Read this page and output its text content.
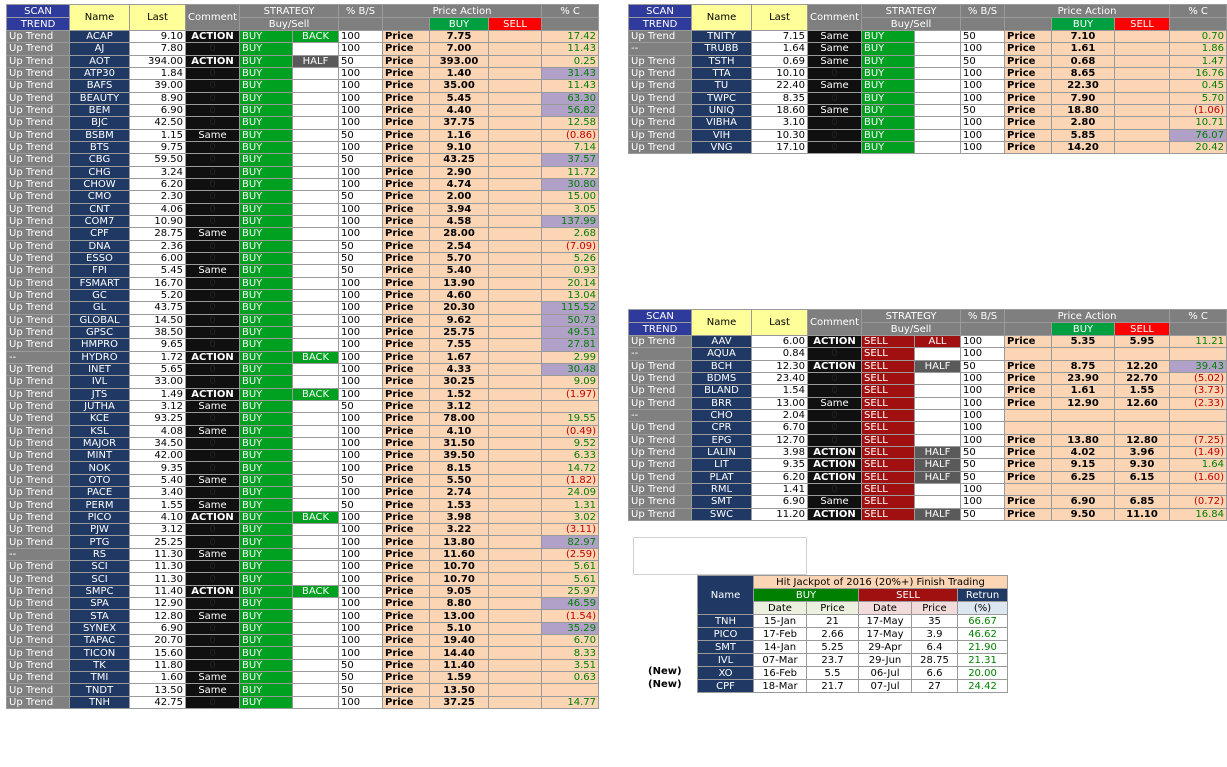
SCAN	Name	Last	Comment	STRATEGY		% B/S	Price Action			% C
TREND				Buy/Sell				BUY	SELL	
Up Trend	ACAP	9.10	ACTION	BUY	BACK	100	Price	7.75		17.42
Up Trend	AJ	7.80	0	BUY		100	Price	7.00		11.43
Up Trend	AOT	394.00	ACTION	BUY	HALF	50	Price	393.00		0.25
Up Trend	ATP30	1.84	0	BUY		100	Price	1.40		31.43
Up Trend	BAFS	39.00	0	BUY		100	Price	35.00		11.43
Up Trend	BEAUTY	8.90	0	BUY		100	Price	5.45		63.30
Up Trend	BEM	6.90	0	BUY		100	Price	4.40		56.82
Up Trend	BJC	42.50	0	BUY		100	Price	37.75		12.58
Up Trend	BSBM	1.15	Same	BUY		50	Price	1.16		(0.86)
Up Trend	BTS	9.75	0	BUY		100	Price	9.10		7.14
Up Trend	CBG	59.50	0	BUY		50	Price	43.25		37.57
Up Trend	CHG	3.24	0	BUY		100	Price	2.90		11.72
Up Trend	CHOW	6.20	0	BUY		100	Price	4.74		30.80
Up Trend	CMO	2.30	0	BUY		50	Price	2.00		15.00
Up Trend	CNT	4.06	0	BUY		100	Price	3.94		3.05
Up Trend	COM7	10.90	0	BUY		100	Price	4.58		137.99
Up Trend	CPF	28.75	Same	BUY		100	Price	28.00		2.68
Up Trend	DNA	2.36	0	BUY		50	Price	2.54		(7.09)
Up Trend	ESSO	6.00	0	BUY		50	Price	5.70		5.26
Up Trend	FPI	5.45	Same	BUY		50	Price	5.40		0.93
Up Trend	FSMART	16.70	0	BUY		100	Price	13.90		20.14
Up Trend	GC	5.20	0	BUY		100	Price	4.60		13.04
Up Trend	GL	43.75	0	BUY		100	Price	20.30		115.52
Up Trend	GLOBAL	14.50	0	BUY		100	Price	9.62		50.73
Up Trend	GPSC	38.50	0	BUY		100	Price	25.75		49.51
Up Trend	HMPRO	9.65	0	BUY		100	Price	7.55		27.81
--	HYDRO	1.72	ACTION	BUY	BACK	100	Price	1.67		2.99
Up Trend	INET	5.65	0	BUY		100	Price	4.33		30.48
Up Trend	IVL	33.00	0	BUY		100	Price	30.25		9.09
Up Trend	JTS	1.49	ACTION	BUY	BACK	100	Price	1.52		(1.97)
Up Trend	JUTHA	3.12	Same	BUY		50	Price	3.12		
Up Trend	KCE	93.25	0	BUY		100	Price	78.00		19.55
Up Trend	KSL	4.08	Same	BUY		100	Price	4.10		(0.49)
Up Trend	MAJOR	34.50	0	BUY		100	Price	31.50		9.52
Up Trend	MINT	42.00	0	BUY		100	Price	39.50		6.33
Up Trend	NOK	9.35	0	BUY		100	Price	8.15		14.72
Up Trend	OTO	5.40	Same	BUY		50	Price	5.50		(1.82)
Up Trend	PACE	3.40	0	BUY		100	Price	2.74		24.09
Up Trend	PERM	1.55	Same	BUY		50	Price	1.53		1.31
Up Trend	PICO	4.10	ACTION	BUY	BACK	100	Price	3.98		3.02
Up Trend	PJW	3.12	0	BUY		100	Price	3.22		(3.11)
Up Trend	PTG	25.25	0	BUY		100	Price	13.80		82.97
--	RS	11.30	Same	BUY		100	Price	11.60		(2.59)
Up Trend	SCI	11.30	0	BUY		100	Price	10.70		5.61
Up Trend	SCI	11.30	0	BUY		100	Price	10.70		5.61
Up Trend	SMPC	11.40	ACTION	BUY	BACK	100	Price	9.05		25.97
Up Trend	SPA	12.90	0	BUY		100	Price	8.80		46.59
Up Trend	STA	12.80	Same	BUY		100	Price	13.00		(1.54)
Up Trend	SYNEX	6.90	0	BUY		100	Price	5.10		35.29
Up Trend	TAPAC	20.70	0	BUY		100	Price	19.40		6.70
Up Trend	TICON	15.60	0	BUY		100	Price	14.40		8.33
Up Trend	TK	11.80	0	BUY		50	Price	11.40		3.51
Up Trend	TMI	1.60	Same	BUY		50	Price	1.59		0.63
Up Trend	TNDT	13.50	Same	BUY		50	Price	13.50		
Up Trend	TNH	42.75	0	BUY		100	Price	37.25		14.77
SCAN	Name	Last	Comment	STRATEGY		% B/S	Price Action			% C
TREND				Buy/Sell				BUY	SELL	
Up Trend	TNITY	7.15	Same	BUY		50	Price	7.10		0.70
--	TRUBB	1.64	Same	BUY		100	Price	1.61		1.86
Up Trend	TSTH	0.69	Same	BUY		50	Price	0.68		1.47
Up Trend	TTA	10.10	0	BUY		100	Price	8.65		16.76
Up Trend	TU	22.40	Same	BUY		100	Price	22.30		0.45
Up Trend	TWPC	8.35	0	BUY		100	Price	7.90		5.70
Up Trend	UNIQ	18.60	Same	BUY		50	Price	18.80		(1.06)
Up Trend	VIBHA	3.10	0	BUY		100	Price	2.80		10.71
Up Trend	VIH	10.30	0	BUY		100	Price	5.85		76.07
Up Trend	VNG	17.10	0	BUY		100	Price	14.20		20.42
SCAN	Name	Last	Comment	STRATEGY		% B/S	Price Action			% C
TREND				Buy/Sell				BUY	SELL	
Up Trend	AAV	6.00	ACTION	SELL	ALL	100	Price	5.35	5.95	11.21
--	AQUA	0.84	0	SELL		100				
Up Trend	BCH	12.30	ACTION	SELL	HALF	50	Price	8.75	12.20	39.43
Up Trend	BDMS	23.40	0	SELL		100	Price	23.90	22.70	(5.02)
Up Trend	BLAND	1.54	0	SELL		100	Price	1.61	1.55	(3.73)
Up Trend	BRR	13.00	Same	SELL		100	Price	12.90	12.60	(2.33)
--	CHO	2.04	0	SELL		100				
Up Trend	CPR	6.70	0	SELL		100				
Up Trend	EPG	12.70	0	SELL		100	Price	13.80	12.80	(7.25)
Up Trend	LALIN	3.98	ACTION	SELL	HALF	50	Price	4.02	3.96	(1.49)
Up Trend	LIT	9.35	ACTION	SELL	HALF	50	Price	9.15	9.30	1.64
Up Trend	PLAT	6.20	ACTION	SELL	HALF	50	Price	6.25	6.15	(1.60)
Up Trend	RML	1.41	0	SELL		100				
Up Trend	SMT	6.90	Same	SELL		100	Price	6.90	6.85	(0.72)
Up Trend	SWC	11.20	ACTION	SELL	HALF	50	Price	9.50	11.10	16.84
Name	Hit Jackpot of 2016 (20%+) Finish Trading				
	BUY		SELL		Retrun
	Date	Price	Date	Price	(%)
TNH	15-Jan	21	17-May	35	66.67
PICO	17-Feb	2.66	17-May	3.9	46.62
SMT	14-Jan	5.25	29-Apr	6.4	21.90
IVL	07-Mar	23.7	29-Jun	28.75	21.31
XO	16-Feb	5.5	06-Jul	6.6	20.00
CPF	18-Mar	21.7	07-Jul	27	24.42
(New)
(New)
